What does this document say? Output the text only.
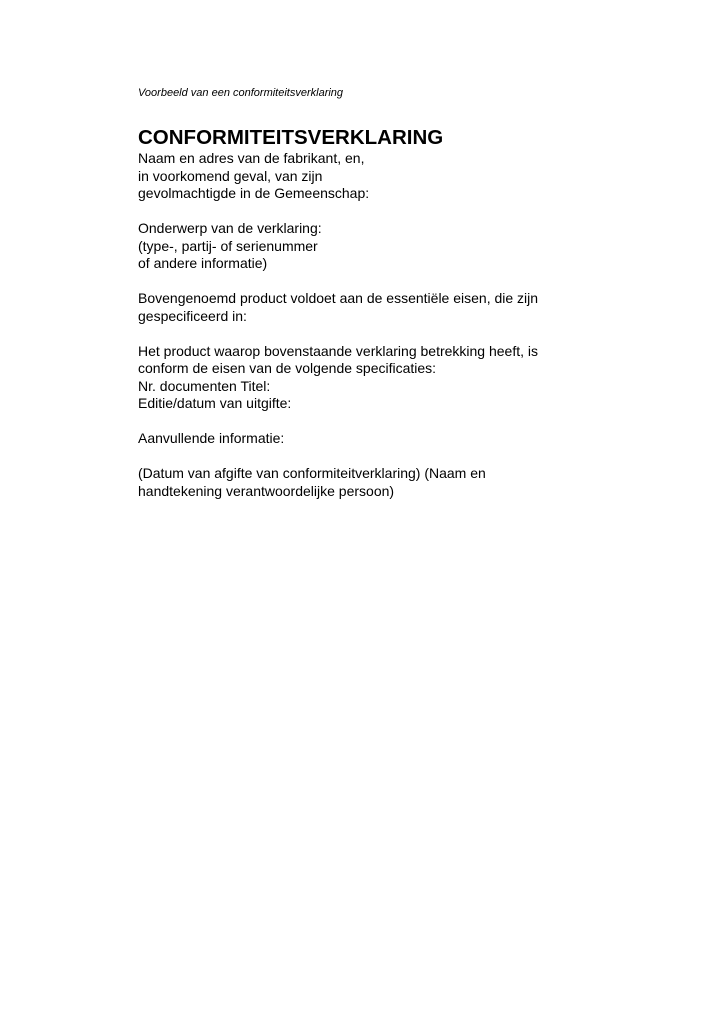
Voorbeeld van een conformiteitsverklaring
CONFORMITEITSVERKLARING

Naam en adres van de fabrikant, en,
in voorkomend geval, van zijn
gevolmachtigde in de Gemeenschap:

Onderwerp van de verklaring:
(type-, partij- of serienummer
of andere informatie)

Bovengenoemd product voldoet aan de essentiële eisen, die zijn
gespecificeerd in:

Het product waarop bovenstaande verklaring betrekking heeft, is
conform de eisen van de volgende specificaties:
Nr. documenten Titel:
Editie/datum van uitgifte:

Aanvullende informatie:

(Datum van afgifte van conformiteitverklaring) (Naam en
handtekening verantwoordelijke persoon)
